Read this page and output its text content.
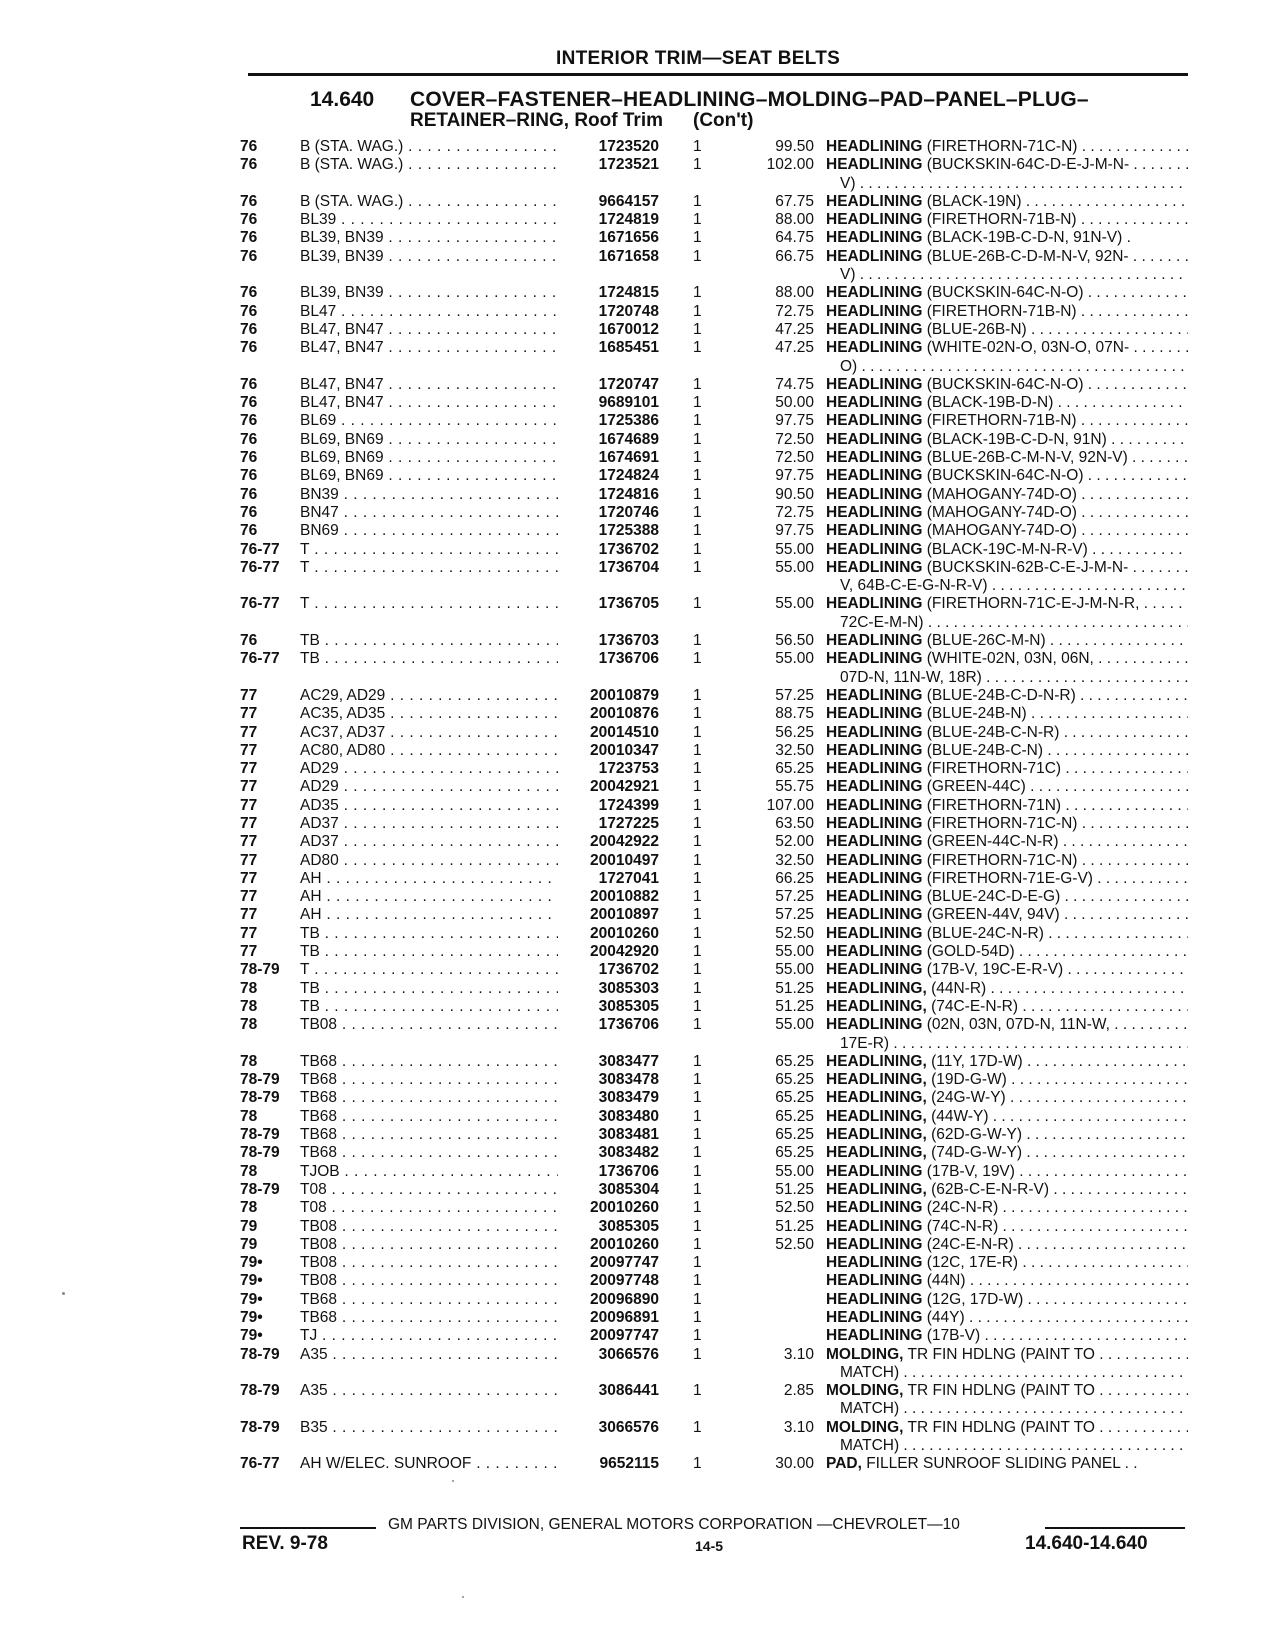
INTERIOR TRIM—SEAT BELTS
14.640 COVER–FASTENER–HEADLINING–MOLDING–PAD–PANEL–PLUG–
RETAINER–RING, Roof Trim (Con't)
76	B (STA. WAG.) . . .	1723520	1	99.50 HEADLINING (FIRETHORN-71C-N) . . .
76	B (STA. WAG.) . . .	1723521	1	102.00 HEADLINING (BUCKSKIN-64C-D-E-J-M-N- . . .
V) . . .
76	B (STA. WAG.) . . .	9664157	1	67.75 HEADLINING (BLACK-19N) . . .
76	BL39 . . .	1724819	1	88.00 HEADLINING (FIRETHORN-71B-N) . . .
76	BL39, BN39 . . .	1671656	1	64.75 HEADLINING (BLACK-19B-C-D-N, 91N-V) .
76	BL39, BN39 . . .	1671658	1	66.75 HEADLINING (BLUE-26B-C-D-M-N-V, 92N- . . .
V) . . .
76	BL39, BN39 . . .	1724815	1	88.00 HEADLINING (BUCKSKIN-64C-N-O) . . .
76	BL47 . . .	1720748	1	72.75 HEADLINING (FIRETHORN-71B-N) . . .
76	BL47, BN47 . . .	1670012	1	47.25 HEADLINING (BLUE-26B-N) . . .
76	BL47, BN47 . . .	1685451	1	47.25 HEADLINING (WHITE-02N-O, 03N-O, 07N- . . .
O) . . .
76	BL47, BN47 . . .	1720747	1	74.75 HEADLINING (BUCKSKIN-64C-N-O) . . .
76	BL47, BN47 . . .	9689101	1	50.00 HEADLINING (BLACK-19B-D-N) . . .
76	BL69 . . .	1725386	1	97.75 HEADLINING (FIRETHORN-71B-N) . . .
76	BL69, BN69 . . .	1674689	1	72.50 HEADLINING (BLACK-19B-C-D-N, 91N) . . .
76	BL69, BN69 . . .	1674691	1	72.50 HEADLINING (BLUE-26B-C-M-N-V, 92N-V) . . .
76	BL69, BN69 . . .	1724824	1	97.75 HEADLINING (BUCKSKIN-64C-N-O) . . .
76	BN39 . . .	1724816	1	90.50 HEADLINING (MAHOGANY-74D-O) . . .
76	BN47 . . .	1720746	1	72.75 HEADLINING (MAHOGANY-74D-O) . . .
76	BN69 . . .	1725388	1	97.75 HEADLINING (MAHOGANY-74D-O) . . .
76-77	T . . .	1736702	1	55.00 HEADLINING (BLACK-19C-M-N-R-V) . . .
76-77	T . . .	1736704	1	55.00 HEADLINING (BUCKSKIN-62B-C-E-J-M-N- . . .
V, 64B-C-E-G-N-R-V) . . .
76-77	T . . .	1736705	1	55.00 HEADLINING (FIRETHORN-71C-E-J-M-N-R, . . .
72C-E-M-N) . . .
76	TB . . .	1736703	1	56.50 HEADLINING (BLUE-26C-M-N) . . .
76-77	TB . . .	1736706	1	55.00 HEADLINING (WHITE-02N, 03N, 06N, . . .
07D-N, 11N-W, 18R) . . .
77	AC29, AD29 . . .	20010879	1	57.25 HEADLINING (BLUE-24B-C-D-N-R) . . .
77	AC35, AD35 . . .	20010876	1	88.75 HEADLINING (BLUE-24B-N) . . .
77	AC37, AD37 . . .	20014510	1	56.25 HEADLINING (BLUE-24B-C-N-R) . . .
77	AC80, AD80 . . .	20010347	1	32.50 HEADLINING (BLUE-24B-C-N) . . .
77	AD29 . . .	1723753	1	65.25 HEADLINING (FIRETHORN-71C) . . .
77	AD29 . . .	20042921	1	55.75 HEADLINING (GREEN-44C) . . .
77	AD35 . . .	1724399	1	107.00 HEADLINING (FIRETHORN-71N) . . .
77	AD37 . . .	1727225	1	63.50 HEADLINING (FIRETHORN-71C-N) . . .
77	AD37 . . .	20042922	1	52.00 HEADLINING (GREEN-44C-N-R) . . .
77	AD80 . . .	20010497	1	32.50 HEADLINING (FIRETHORN-71C-N) . . .
77	AH . . .	1727041	1	66.25 HEADLINING (FIRETHORN-71E-G-V) . . .
77	AH . . .	20010882	1	57.25 HEADLINING (BLUE-24C-D-E-G) . . .
77	AH . . .	20010897	1	57.25 HEADLINING (GREEN-44V, 94V) . . .
77	TB . . .	20010260	1	52.50 HEADLINING (BLUE-24C-N-R) . . .
77	TB . . .	20042920	1	55.00 HEADLINING (GOLD-54D) . . .
78-79	T . . .	1736702	1	55.00 HEADLINING (17B-V, 19C-E-R-V) . . .
78	TB . . .	3085303	1	51.25 HEADLINING, (44N-R) . . .
78	TB . . .	3085305	1	51.25 HEADLINING, (74C-E-N-R) . . .
78	TB08 . . .	1736706	1	55.00 HEADLINING (02N, 03N, 07D-N, 11N-W, . . .
17E-R) . . .
78	TB68 . . .	3083477	1	65.25 HEADLINING, (11Y, 17D-W) . . .
78-79	TB68 . . .	3083478	1	65.25 HEADLINING, (19D-G-W) . . .
78-79	TB68 . . .	3083479	1	65.25 HEADLINING, (24G-W-Y) . . .
78	TB68 . . .	3083480	1	65.25 HEADLINING, (44W-Y) . . .
78-79	TB68 . . .	3083481	1	65.25 HEADLINING, (62D-G-W-Y) . . .
78-79	TB68 . . .	3083482	1	65.25 HEADLINING, (74D-G-W-Y) . . .
78	TJOB . . .	1736706	1	55.00 HEADLINING (17B-V, 19V) . . .
78-79	T08 . . .	3085304	1	51.25 HEADLINING, (62B-C-E-N-R-V) . . .
78	T08 . . .	20010260	1	52.50 HEADLINING (24C-N-R) . . .
79	TB08 . . .	3085305	1	51.25 HEADLINING (74C-N-R) . . .
79	TB08 . . .	20010260	1	52.50 HEADLINING (24C-E-N-R) . . .
79•	TB08 . . .	20097747	1	HEADLINING (12C, 17E-R) . . .
79•	TB08 . . .	20097748	1	HEADLINING (44N) . . .
79•	TB68 . . .	20096890	1	HEADLINING (12G, 17D-W) . . .
79•	TB68 . . .	20096891	1	HEADLINING (44Y) . . .
79•	TJ . . .	20097747	1	HEADLINING (17B-V) . . .
78-79	A35 . . .	3066576	1	3.10 MOLDING, TR FIN HDLNG (PAINT TO . . .
MATCH) . . .
78-79	A35 . . .	3086441	1	2.85 MOLDING, TR FIN HDLNG (PAINT TO . . .
MATCH) . . .
78-79	B35 . . .	3066576	1	3.10 MOLDING, TR FIN HDLNG (PAINT TO . . .
MATCH) . . .
76-77	AH W/ELEC. SUNROOF . . .	9652115	1	30.00 PAD, FILLER SUNROOF SLIDING PANEL . .
GM PARTS DIVISION, GENERAL MOTORS CORPORATION —CHEVROLET—10
REV. 9-78	14-5	14.640-14.640
